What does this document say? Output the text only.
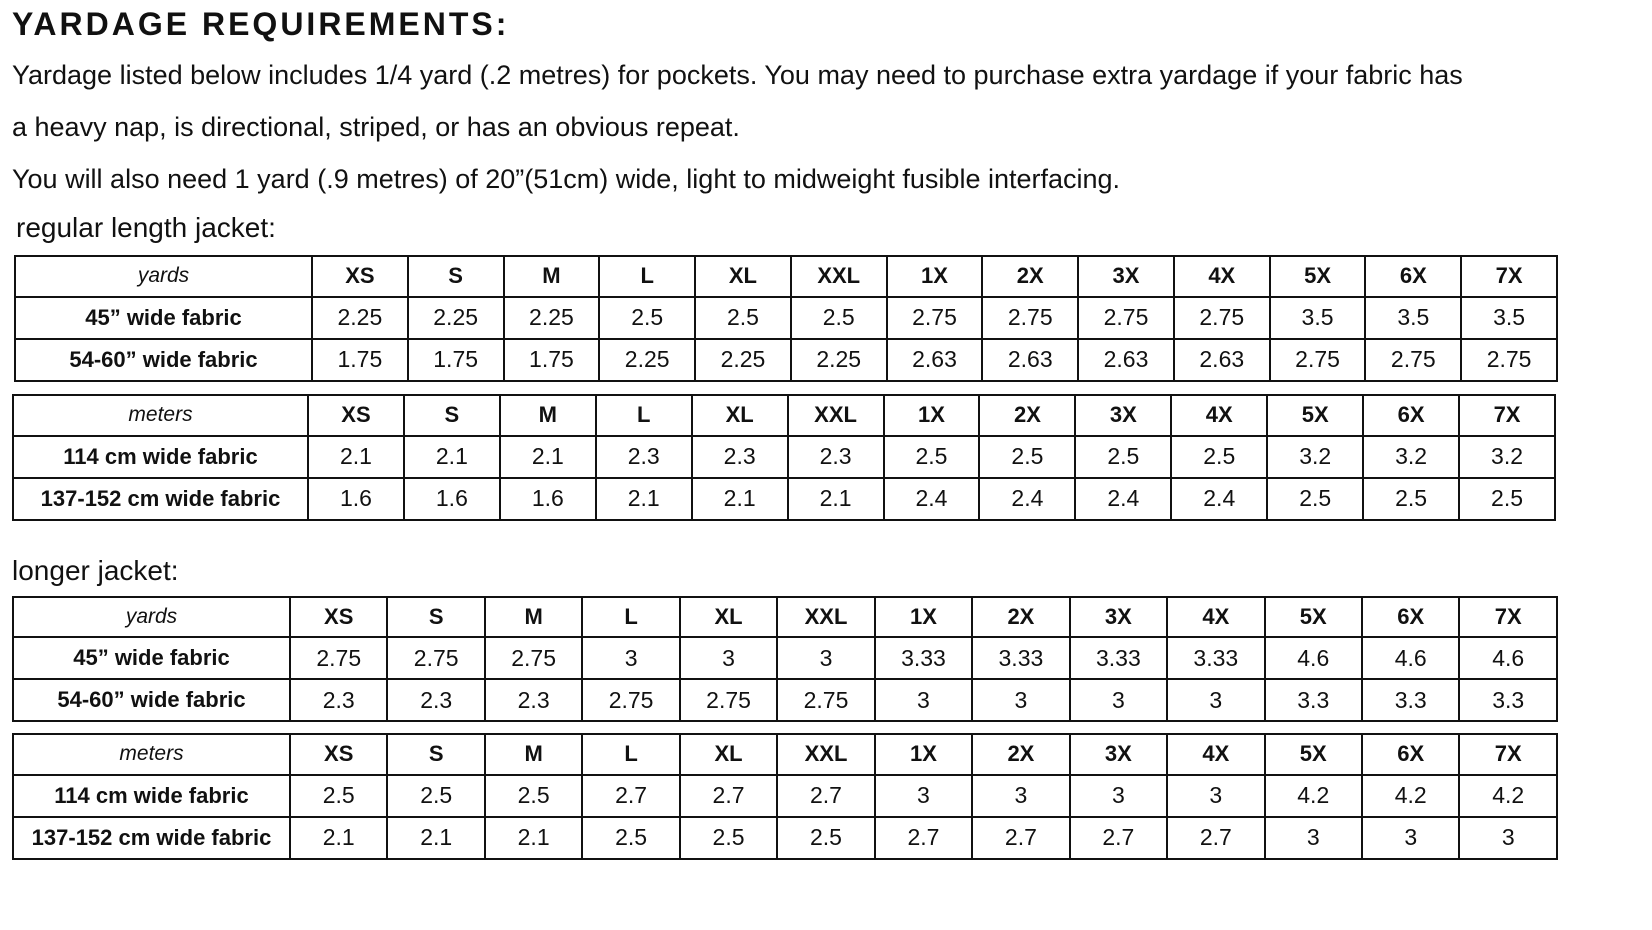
YARDAGE REQUIREMENTS:
Yardage listed below includes 1/4 yard (.2 metres) for pockets. You may need to purchase extra yardage if your fabric has
a heavy nap, is directional, striped, or has an obvious repeat.
You will also need 1 yard (.9 metres) of 20”(51cm) wide, light to midweight fusible interfacing.
regular length jacket:
longer jacket:
yards	XS	S	M	L	XL	XXL	1X	2X	3X	4X	5X	6X	7X
45” wide fabric	2.25	2.25	2.25	2.5	2.5	2.5	2.75	2.75	2.75	2.75	3.5	3.5	3.5
54-60” wide fabric	1.75	1.75	1.75	2.25	2.25	2.25	2.63	2.63	2.63	2.63	2.75	2.75	2.75
meters	XS	S	M	L	XL	XXL	1X	2X	3X	4X	5X	6X	7X
114 cm wide fabric	2.1	2.1	2.1	2.3	2.3	2.3	2.5	2.5	2.5	2.5	3.2	3.2	3.2
137-152 cm wide fabric	1.6	1.6	1.6	2.1	2.1	2.1	2.4	2.4	2.4	2.4	2.5	2.5	2.5
yards	XS	S	M	L	XL	XXL	1X	2X	3X	4X	5X	6X	7X
45” wide fabric	2.75	2.75	2.75	3	3	3	3.33	3.33	3.33	3.33	4.6	4.6	4.6
54-60” wide fabric	2.3	2.3	2.3	2.75	2.75	2.75	3	3	3	3	3.3	3.3	3.3
meters	XS	S	M	L	XL	XXL	1X	2X	3X	4X	5X	6X	7X
114 cm wide fabric	2.5	2.5	2.5	2.7	2.7	2.7	3	3	3	3	4.2	4.2	4.2
137-152 cm wide fabric	2.1	2.1	2.1	2.5	2.5	2.5	2.7	2.7	2.7	2.7	3	3	3
